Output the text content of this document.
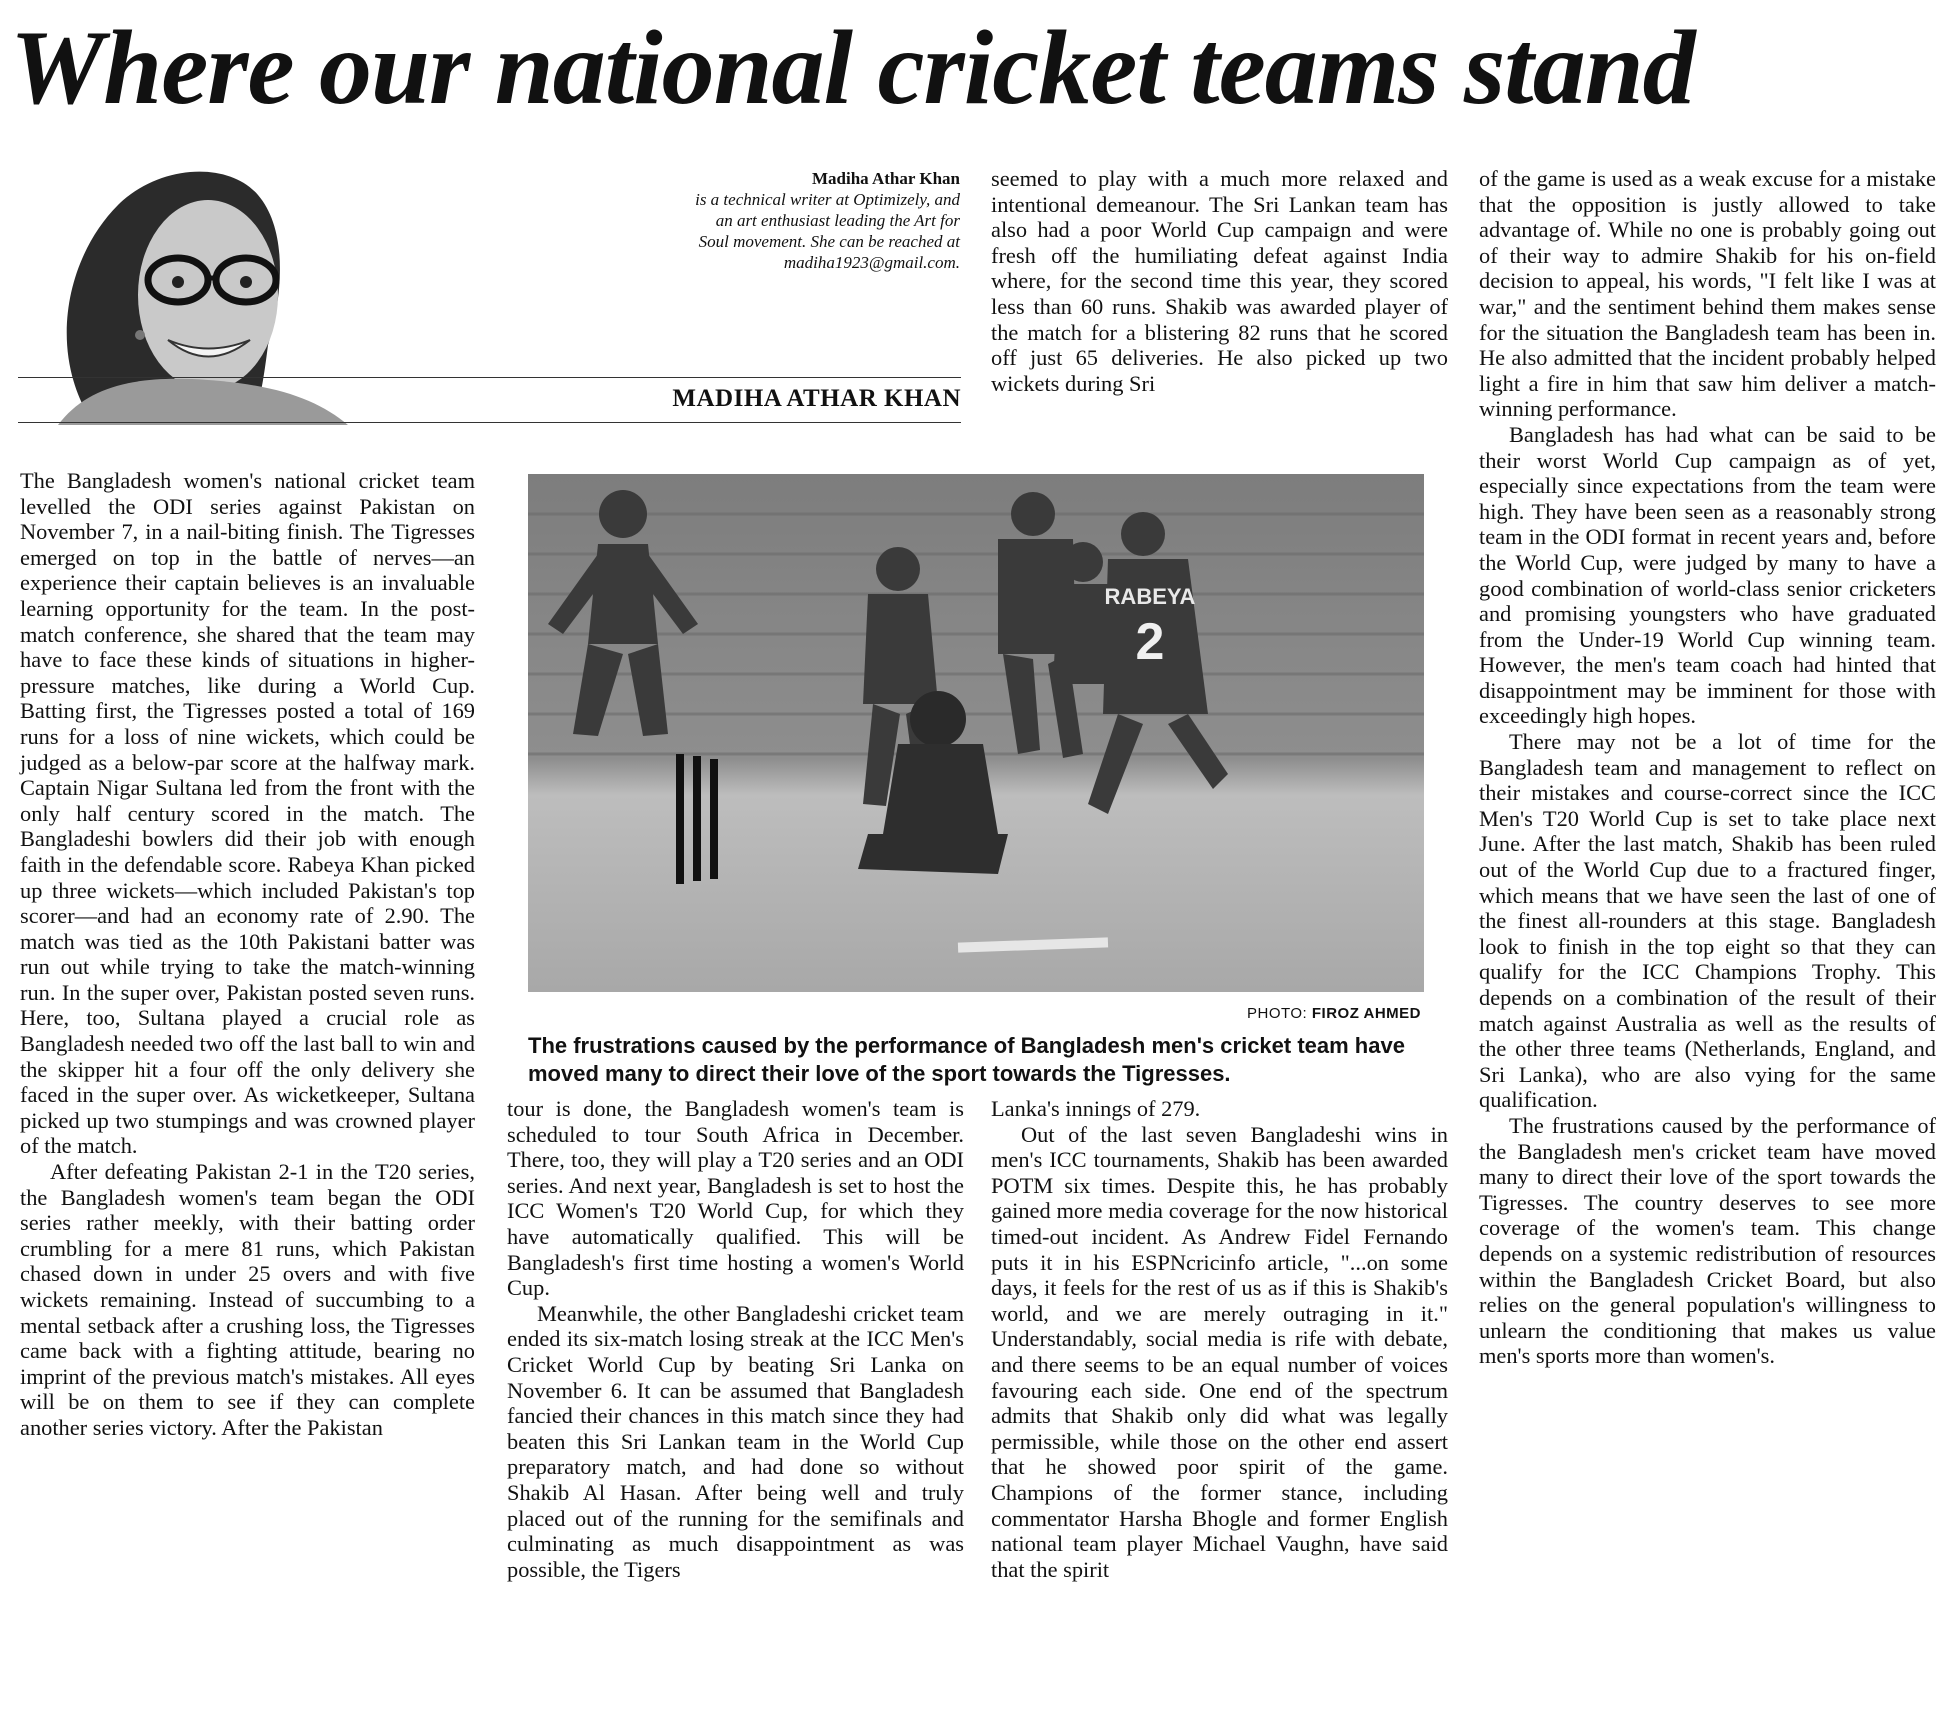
Where our national cricket teams stand
Madiha Athar Khan
is a technical writer at Optimizely, and
an art enthusiast leading the Art for
Soul movement. She can be reached at
madiha1923@gmail.com.
MADIHA ATHAR KHAN

The Bangladesh women's national cricket team levelled the ODI series against Pakistan on November 7, in a nail-biting finish. The Tigresses emerged on top in the battle of nerves—an experience their captain believes is an invaluable learning opportunity for the team. In the post-match conference, she shared that the team may have to face these kinds of situations in higher-pressure matches, like during a World Cup. Batting first, the Tigresses posted a total of 169 runs for a loss of nine wickets, which could be judged as a below-par score at the halfway mark. Captain Nigar Sultana led from the front with the only half century scored in the match. The Bangladeshi bowlers did their job with enough faith in the defendable score. Rabeya Khan picked up three wickets—which included Pakistan's top scorer—and had an economy rate of 2.90. The match was tied as the 10th Pakistani batter was run out while trying to take the match-winning run. In the super over, Pakistan posted seven runs. Here, too, Sultana played a crucial role as Bangladesh needed two off the last ball to win and the skipper hit a four off the only delivery she faced in the super over. As wicketkeeper, Sultana picked up two stumpings and was crowned player of the match.

After defeating Pakistan 2-1 in the T20 series, the Bangladesh women's team began the ODI series rather meekly, with their batting order crumbling for a mere 81 runs, which Pakistan chased down in under 25 overs and with five wickets remaining. Instead of succumbing to a mental setback after a crushing loss, the Tigresses came back with a fighting attitude, bearing no imprint of the previous match's mistakes. All eyes will be on them to see if they can complete another series victory. After the Pakistan

tour is done, the Bangladesh women's team is scheduled to tour South Africa in December. There, too, they will play a T20 series and an ODI series. And next year, Bangladesh is set to host the ICC Women's T20 World Cup, for which they have automatically qualified. This will be Bangladesh's first time hosting a women's World Cup.

Meanwhile, the other Bangladeshi cricket team ended its six-match losing streak at the ICC Men's Cricket World Cup by beating Sri Lanka on November 6. It can be assumed that Bangladesh fancied their chances in this match since they had beaten this Sri Lankan team in the World Cup preparatory match, and had done so without Shakib Al Hasan. After being well and truly placed out of the running for the semifinals and culminating as much disappointment as was possible, the Tigers

seemed to play with a much more relaxed and intentional demeanour. The Sri Lankan team has also had a poor World Cup campaign and were fresh off the humiliating defeat against India where, for the second time this year, they scored less than 60 runs. Shakib was awarded player of the match for a blistering 82 runs that he scored off just 65 deliveries. He also picked up two wickets during Sri

Lanka's innings of 279.

Out of the last seven Bangladeshi wins in men's ICC tournaments, Shakib has been awarded POTM six times. Despite this, he has probably gained more media coverage for the now historical timed-out incident. As Andrew Fidel Fernando puts it in his ESPNcricinfo article, "...on some days, it feels for the rest of us as if this is Shakib's world, and we are merely outraging in it." Understandably, social media is rife with debate, and there seems to be an equal number of voices favouring each side. One end of the spectrum admits that Shakib only did what was legally permissible, while those on the other end assert that he showed poor spirit of the game. Champions of the former stance, including commentator Harsha Bhogle and former English national team player Michael Vaughn, have said that the spirit

of the game is used as a weak excuse for a mistake that the opposition is justly allowed to take advantage of. While no one is probably going out of their way to admire Shakib for his on-field decision to appeal, his words, "I felt like I was at war," and the sentiment behind them makes sense for the situation the Bangladesh team has been in. He also admitted that the incident probably helped light a fire in him that saw him deliver a match-winning performance.

Bangladesh has had what can be said to be their worst World Cup campaign as of yet, especially since expectations from the team were high. They have been seen as a reasonably strong team in the ODI format in recent years and, before the World Cup, were judged by many to have a good combination of world-class senior cricketers and promising youngsters who have graduated from the Under-19 World Cup winning team. However, the men's team coach had hinted that disappointment may be imminent for those with exceedingly high hopes.

There may not be a lot of time for the Bangladesh team and management to reflect on their mistakes and course-correct since the ICC Men's T20 World Cup is set to take place next June. After the last match, Shakib has been ruled out of the World Cup due to a fractured finger, which means that we have seen the last of one of the finest all-rounders at this stage. Bangladesh look to finish in the top eight so that they can qualify for the ICC Champions Trophy. This depends on a combination of the result of their match against Australia as well as the results of the other three teams (Netherlands, England, and Sri Lanka), who are also vying for the same qualification.

The frustrations caused by the performance of the Bangladesh men's cricket team have moved many to direct their love of the sport towards the Tigresses. The country deserves to see more coverage of the women's team. This change depends on a systemic redistribution of resources within the Bangladesh Cricket Board, but also relies on the general population's willingness to unlearn the conditioning that makes us value men's sports more than women's.

RABEYA
2
PHOTO: FIROZ AHMED
The frustrations caused by the performance of Bangladesh men's cricket team have moved many to direct their love of the sport towards the Tigresses.
